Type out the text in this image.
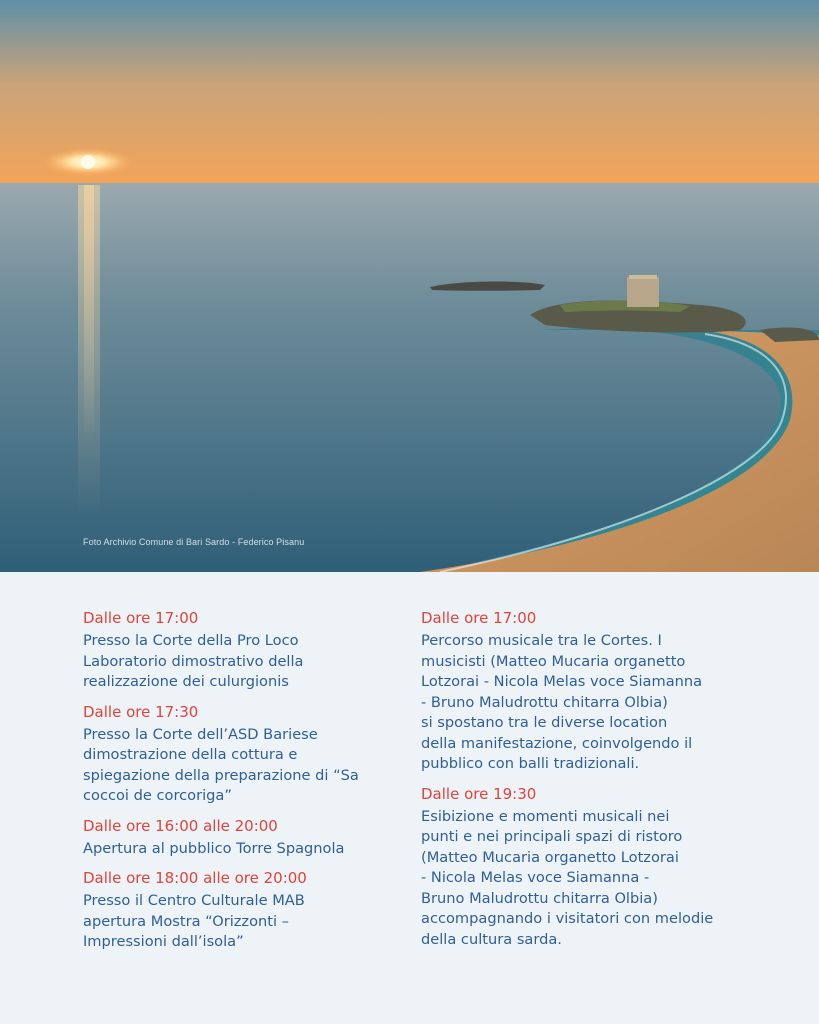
Foto Archivio Comune di Bari Sardo - Federico Pisanu
Dalle ore 17:00
Presso la Corte della Pro Loco
Laboratorio dimostrativo della
realizzazione dei culurgionis
Dalle ore 17:30
Presso la Corte dell’ASD Bariese
dimostrazione della cottura e
spiegazione della preparazione di “Sa
coccoi de corcoriga”
Dalle ore 16:00 alle 20:00
Apertura al pubblico Torre Spagnola
Dalle ore 18:00 alle ore 20:00
Presso il Centro Culturale MAB
apertura Mostra “Orizzonti –
Impressioni dall’isola”
Dalle ore 17:00
Percorso musicale tra le Cortes. I
musicisti (Matteo Mucaria organetto
Lotzorai - Nicola Melas voce Siamanna
- Bruno Maludrottu chitarra Olbia)
si spostano tra le diverse location
della manifestazione, coinvolgendo il
pubblico con balli tradizionali.
Dalle ore 19:30
Esibizione e momenti musicali nei
punti e nei principali spazi di ristoro
(Matteo Mucaria organetto Lotzorai
- Nicola Melas voce Siamanna -
Bruno Maludrottu chitarra Olbia)
accompagnando i visitatori con melodie
della cultura sarda.
